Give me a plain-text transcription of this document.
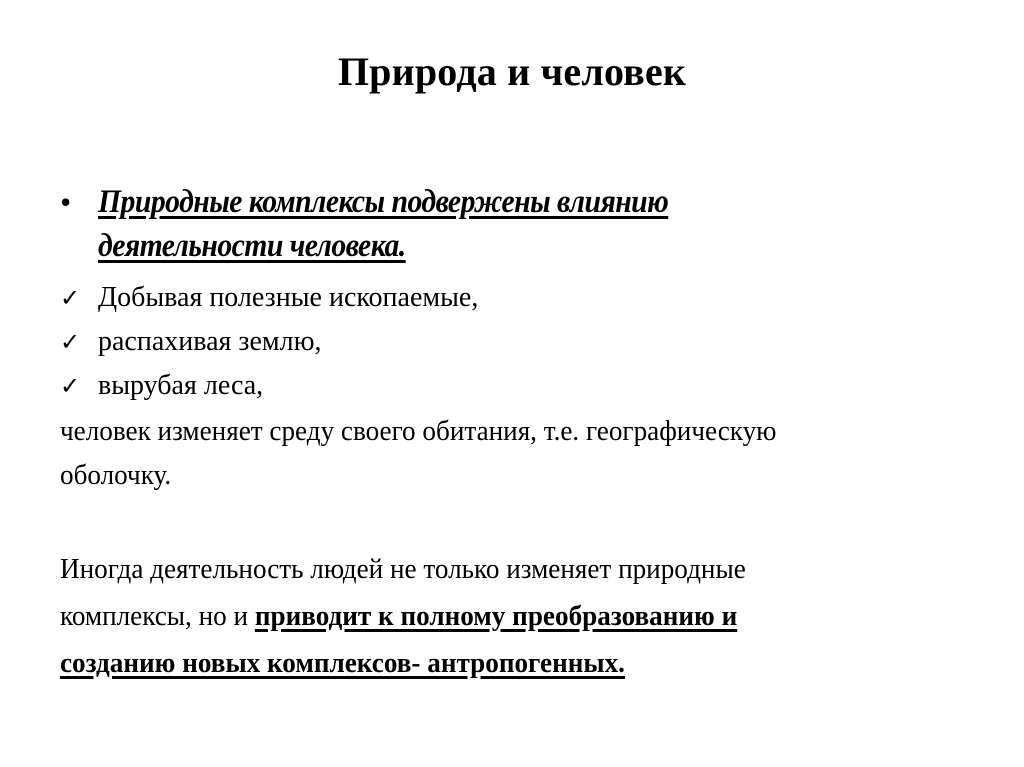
Природа и человек
• Природные комплексы подвержены влиянию
деятельности человека.
✓ Добывая полезные ископаемые,
✓ распахивая землю,
✓ вырубая леса,
человек изменяет среду своего обитания, т.е. географическую
оболочку.
Иногда деятельность людей не только изменяет природные
комплексы, но и приводит к полному преобразованию и
созданию новых комплексов- антропогенных.
